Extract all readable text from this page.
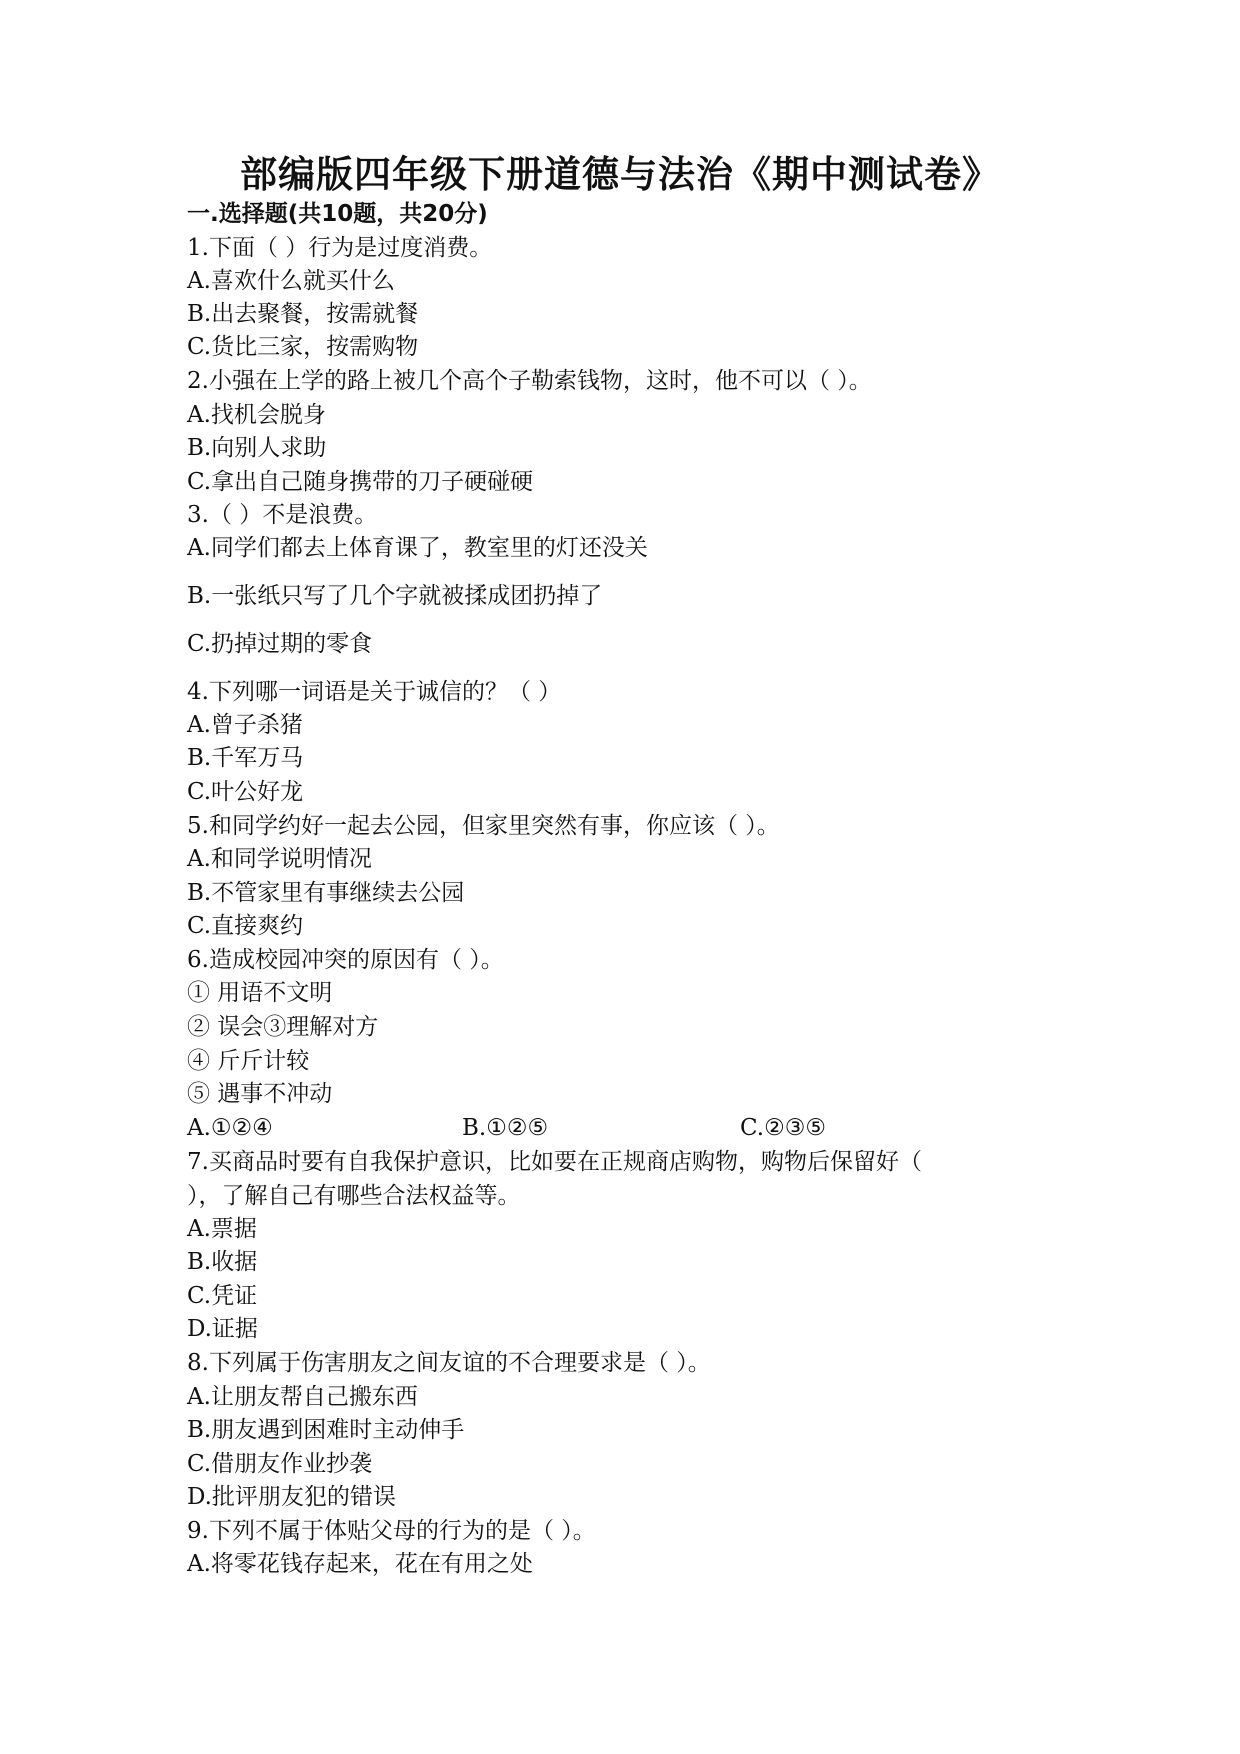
部编版四年级下册道德与法治《期中测试卷》
一.选择题(共10题，共20分)
1.下面（ ）行为是过度消费。
A.喜欢什么就买什么
B.出去聚餐，按需就餐
C.货比三家，按需购物
2.小强在上学的路上被几个高个子勒索钱物，这时，他不可以（ ）。
A.找机会脱身
B.向别人求助
C.拿出自己随身携带的刀子硬碰硬
3.（ ）不是浪费。
A.同学们都去上体育课了，教室里的灯还没关
B.一张纸只写了几个字就被揉成团扔掉了
C.扔掉过期的零食
4.下列哪一词语是关于诚信的？（ ）
A.曾子杀猪
B.千军万马
C.叶公好龙
5.和同学约好一起去公园，但家里突然有事，你应该（ ）。
A.和同学说明情况
B.不管家里有事继续去公园
C.直接爽约
6.造成校园冲突的原因有（ ）。
① 用语不文明
② 误会③理解对方
④ 斤斤计较
⑤ 遇事不冲动
A.①②④	B.①②⑤	C.②③⑤
7.买商品时要有自我保护意识，比如要在正规商店购物，购物后保留好（
），了解自己有哪些合法权益等。
A.票据
B.收据
C.凭证
D.证据
8.下列属于伤害朋友之间友谊的不合理要求是（ ）。
A.让朋友帮自己搬东西
B.朋友遇到困难时主动伸手
C.借朋友作业抄袭
D.批评朋友犯的错误
9.下列不属于体贴父母的行为的是（ ）。
A.将零花钱存起来，花在有用之处
